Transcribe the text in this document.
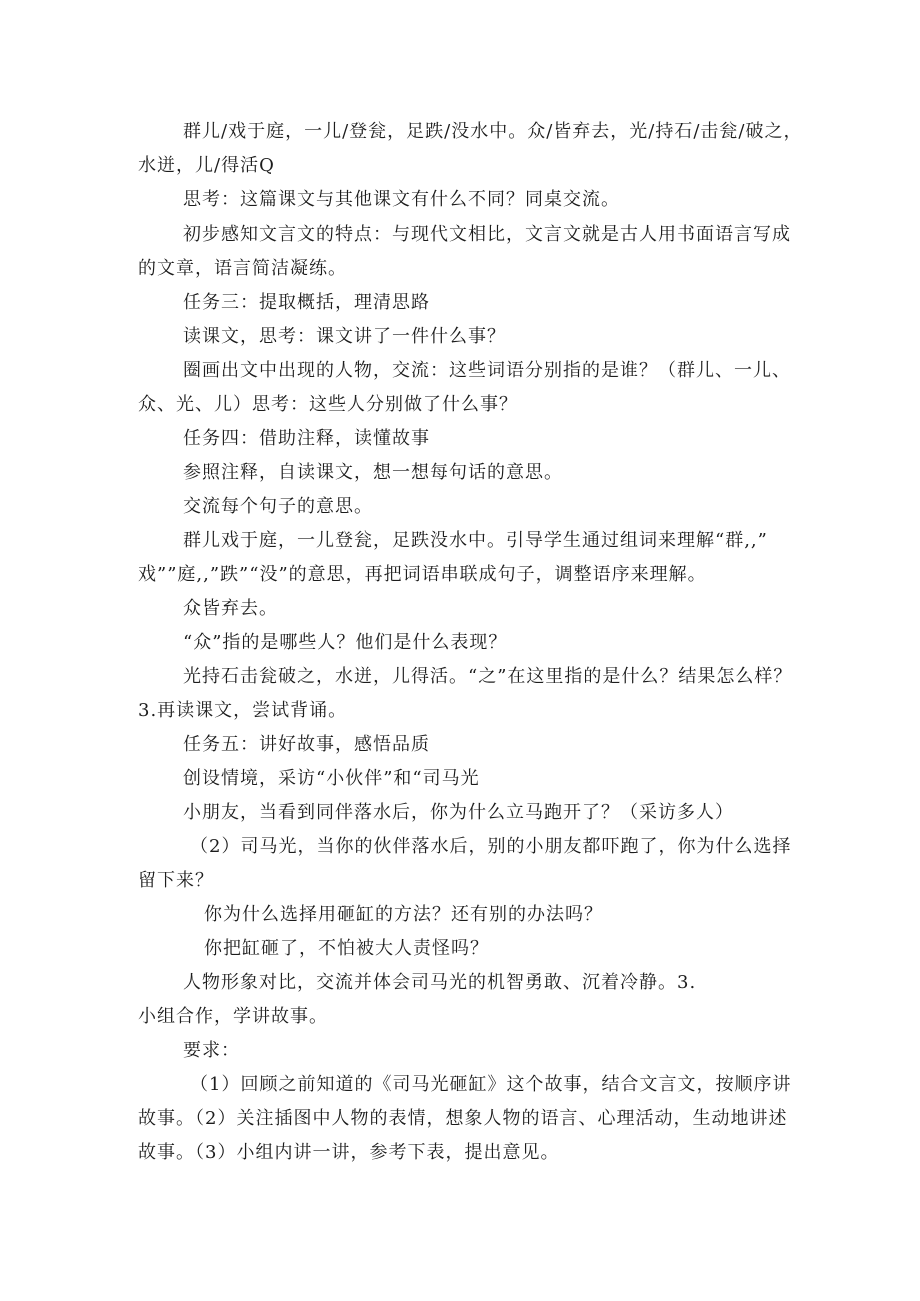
群儿/戏于庭，一儿/登瓮，足跌/没水中。众/皆弃去，光/持石/击瓮/破之，
水迸，儿/得活Q
思考：这篇课文与其他课文有什么不同？同桌交流。
初步感知文言文的特点：与现代文相比，文言文就是古人用书面语言写成
的文章，语言简洁凝练。
任务三：提取概括，理清思路
读课文，思考：课文讲了一件什么事？
圈画出文中出现的人物，交流：这些词语分别指的是谁？（群儿、一儿、
众、光、儿）思考：这些人分别做了什么事？
任务四：借助注释，读懂故事
参照注释，自读课文，想一想每句话的意思。
交流每个句子的意思。
群儿戏于庭，一儿登瓮，足跌没水中。引导学生通过组词来理解“群,,”
戏””庭,,”跌”“没”的意思，再把词语串联成句子，调整语序来理解。
众皆弃去。
“众”指的是哪些人？他们是什么表现？
光持石击瓮破之，水迸，儿得活。“之”在这里指的是什么？结果怎么样？
3.再读课文，尝试背诵。
任务五：讲好故事，感悟品质
创设情境，采访“小伙伴”和“司马光
小朋友，当看到同伴落水后，你为什么立马跑开了？（采访多人）
（2）司马光，当你的伙伴落水后，别的小朋友都吓跑了，你为什么选择
留下来？
你为什么选择用砸缸的方法？还有别的办法吗？
你把缸砸了，不怕被大人责怪吗？
人物形象对比，交流并体会司马光的机智勇敢、沉着冷静。3.
小组合作，学讲故事。
要求：
（1）回顾之前知道的《司马光砸缸》这个故事，结合文言文，按顺序讲
故事。（2）关注插图中人物的表情，想象人物的语言、心理活动，生动地讲述
故事。（3）小组内讲一讲，参考下表，提出意见。
